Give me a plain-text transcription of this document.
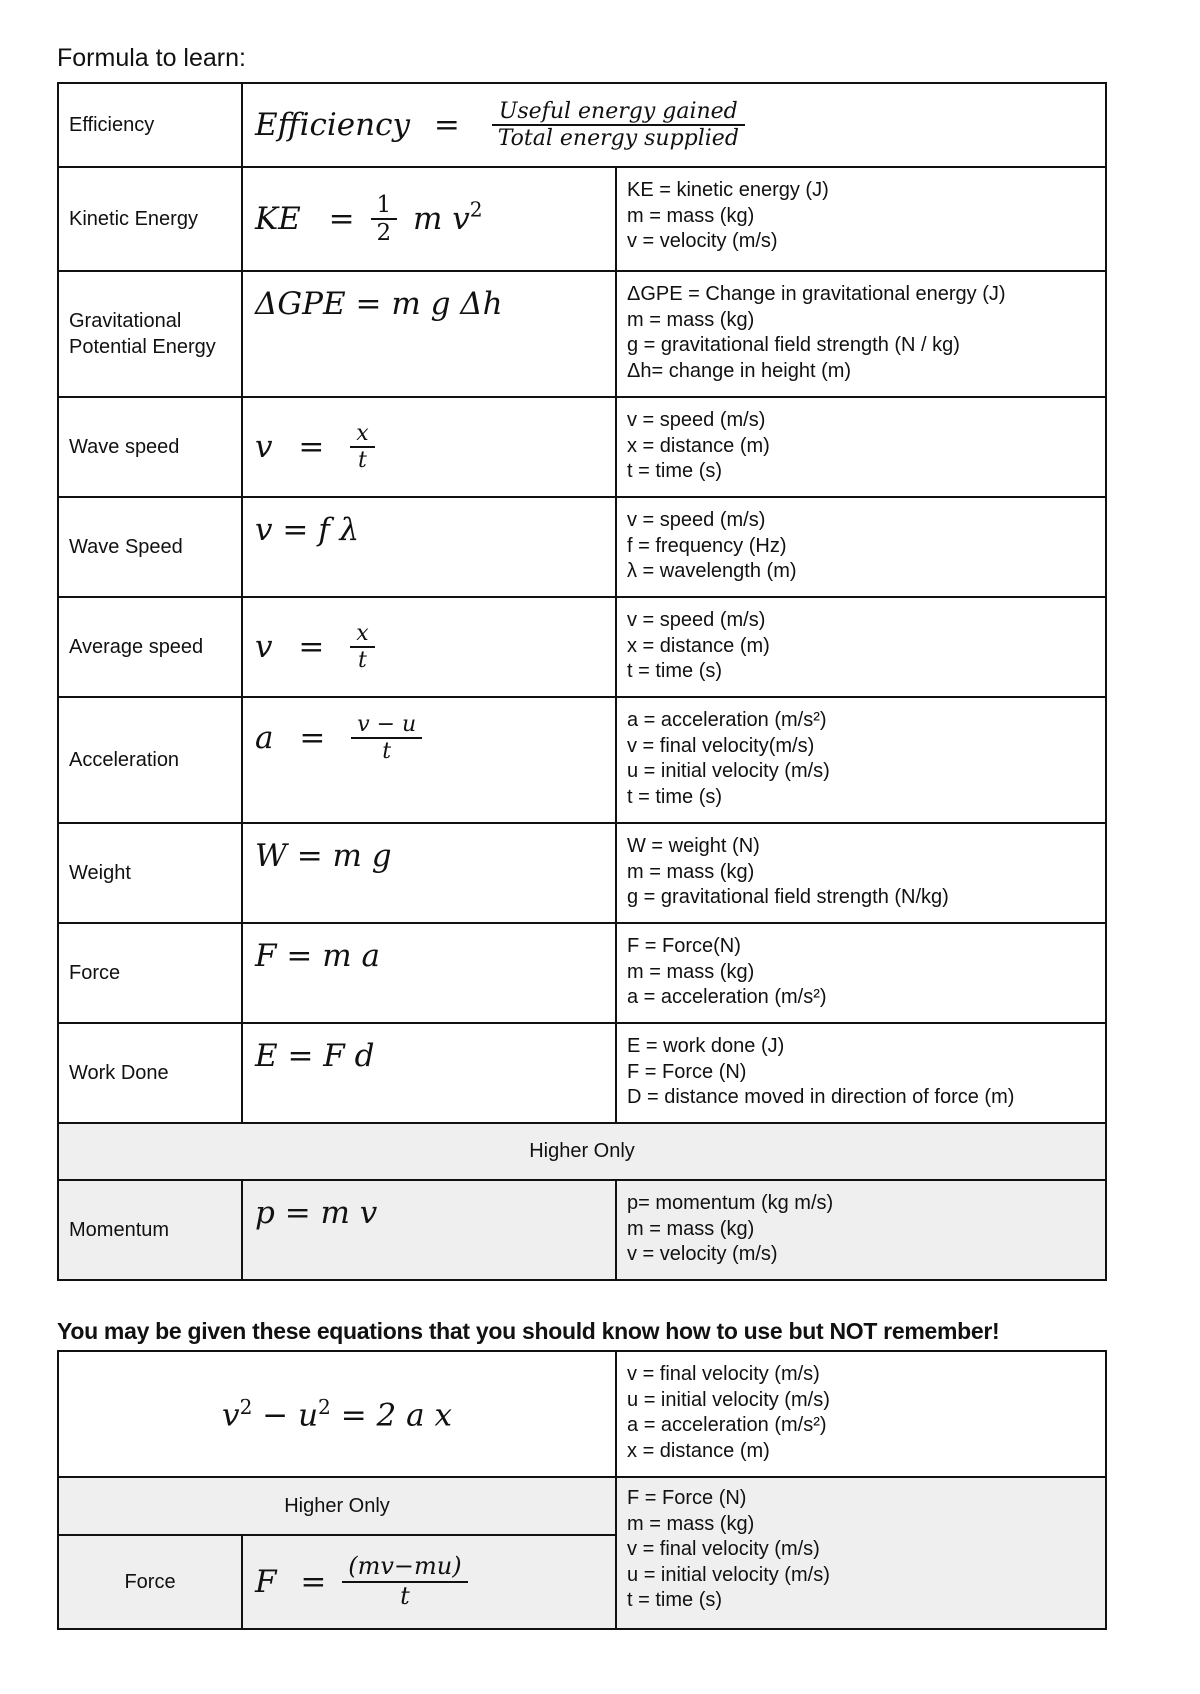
Formula to learn:
Efficiency	Efficiency = $\frac{\text{Useful energy gained}}{\text{Total energy supplied}}$

Kinetic Energy	KE = $\frac{1}{2}$ m $v^2$	KE = kinetic energy (J)
m = mass (kg)
v = velocity (m/s)

Gravitational Potential Energy	ΔGPE = m g Δh	ΔGPE = Change in gravitational energy (J)
m = mass (kg)
g = gravitational field strength (N / kg)
Δh= change in height (m)

Wave speed	$v = \frac{x}{t}$	v = speed (m/s)
x = distance (m)
t = time (s)

Wave Speed	v = f λ	v = speed (m/s)
f = frequency (Hz)
λ = wavelength (m)

Average speed	$v = \frac{x}{t}$	v = speed (m/s)
x = distance (m)
t = time (s)

Acceleration	$a = \frac{v - u}{t}$	a = acceleration (m/s²)
v = final velocity(m/s)
u = initial velocity (m/s)
t = time (s)

Weight	W = m g	W = weight (N)
m = mass (kg)
g = gravitational field strength (N/kg)

Force	F = m a	F = Force(N)
m = mass (kg)
a = acceleration (m/s²)

Work Done	E = F d	E = work done (J)
F = Force (N)
D = distance moved in direction of force (m)

Higher Only		
Momentum	p = m v	p= momentum (kg m/s)
m = mass (kg)
v = velocity (m/s)
You may be given these equations that you should know how to use but NOT remember!
$v^2 - u^2 = 2$ a x		v = final velocity (m/s)
u = initial velocity (m/s)
a = acceleration (m/s²)
x = distance (m)

Higher Only		F = Force (N)
m = mass (kg)
v = final velocity (m/s)
u = initial velocity (m/s)
t = time (s)

Force	$F = \frac{(mv-mu)}{t}$
